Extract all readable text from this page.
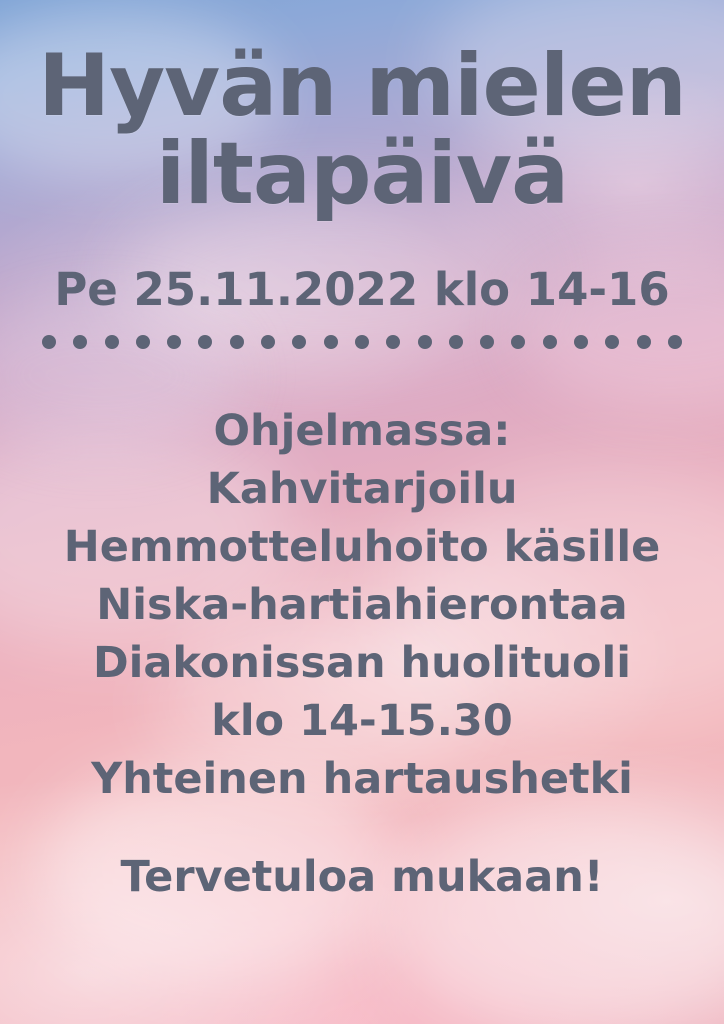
Hyvän mielen
iltapäivä
Pe 25.11.2022 klo 14-16
Ohjelmassa:
Kahvitarjoilu
Hemmotteluhoito käsille
Niska-hartiahierontaa
Diakonissan huolituoli
klo 14-15.30
Yhteinen hartaushetki
Tervetuloa mukaan!
